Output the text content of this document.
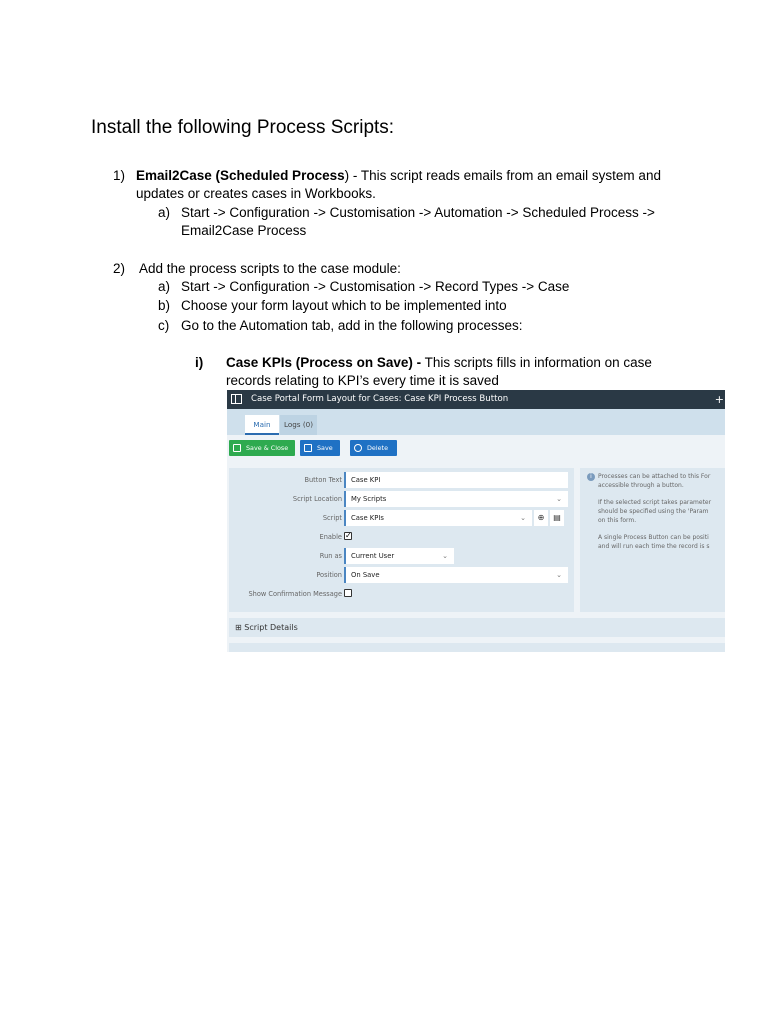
Install the following Process Scripts:
1) Email2Case (Scheduled Process) - This script reads emails from an email system and
updates or creates cases in Workbooks.
a) Start -> Configuration -> Customisation -> Automation -> Scheduled Process ->
Email2Case Process
2) Add the process scripts to the case module:
a) Start -> Configuration -> Customisation -> Record Types -> Case
b) Choose your form layout which to be implemented into
c) Go to the Automation tab, add in the following processes:
i) Case KPIs (Process on Save) - This scripts fills in information on case
records relating to KPI’s every time it is saved
Case Portal Form Layout for Cases: Case KPI Process Button	+
Main	Logs (0)
Save & Close	Save	Delete
Button Text	Case KPI
Script Location	My Scripts	⌄
Script	Case KPIs	⌄	⊕	▤
Enable ✓
Run as	Current User	⌄
Position	On Save	⌄
Show Confirmation Message
i	Processes can be attached to this For
accessible through a button.
If the selected script takes parameter
should be specified using the 'Param
on this form.
A single Process Button can be positi
and will run each time the record is s
⊞ Script Details
